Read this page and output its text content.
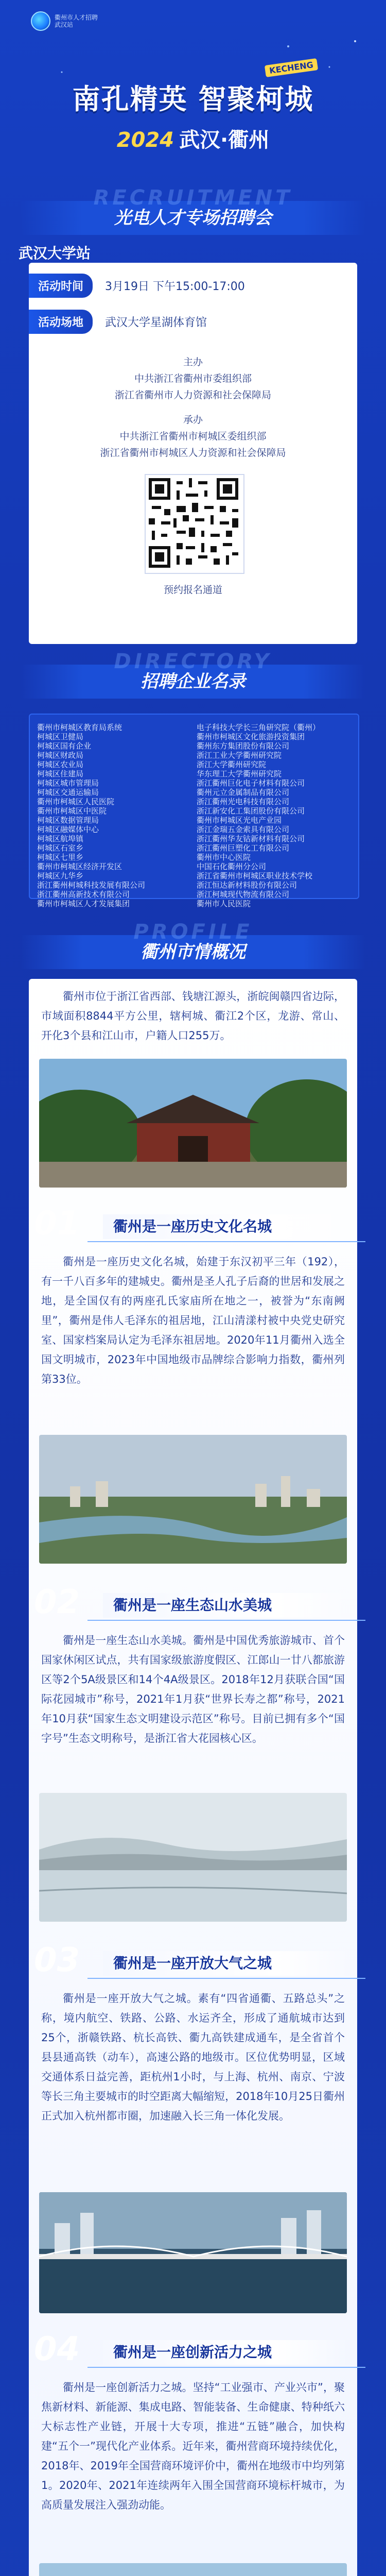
衢州市人才招聘
武汉站
KECHENG
南孔精英 智聚柯城
2024 武汉·衢州
RECRUITMENT
光电人才专场招聘会
武汉大学站
活动时间	3月19日 下午15:00-17:00
活动场地	武汉大学星湖体育馆
主办
中共浙江省衢州市委组织部
浙江省衢州市人力资源和社会保障局
承办
中共浙江省衢州市柯城区委组织部
浙江省衢州市柯城区人力资源和社会保障局
预约报名通道
DIRECTORY
招聘企业名录
衢州市柯城区教育局系统
柯城区卫健局
柯城区国有企业
柯城区财政局
柯城区农业局
柯城区住建局
柯城区城市管理局
柯城区交通运输局
衢州市柯城区人民医院
衢州市柯城区中医院
柯城区数据管理局
柯城区融媒体中心
柯城区航埠镇
柯城区石室乡
柯城区七里乡
衢州市柯城区经济开发区
柯城区九华乡
浙江衢州柯城科技发展有限公司
浙江衢州高新技术有限公司
衢州市柯城区人才发展集团
电子科技大学长三角研究院（衢州）
衢州市柯城区文化旅游投资集团
衢州东方集团股份有限公司
浙江工业大学衢州研究院
浙江大学衢州研究院
华东理工大学衢州研究院
浙江衢州巨化电子材料有限公司
衢州元立金属制品有限公司
浙江衢州光电科技有限公司
浙江新安化工集团股份有限公司
衢州市柯城区光电产业园
浙江金瑞五金索具有限公司
浙江衢州华友钴新材料有限公司
浙江衢州巨塑化工有限公司
衢州市中心医院
中国石化衢州分公司
浙江省衢州市柯城区职业技术学校
浙江恒达新材料股份有限公司
浙江柯城现代物流有限公司
衢州市人民医院
PROFILE
衢州市情概况
衢州市位于浙江省西部、钱塘江源头，浙皖闽赣四省边际，市域面积8844平方公里，辖柯城、衢江2个区，龙游、常山、开化3个县和江山市，户籍人口255万。
01	衢州是一座历史文化名城
衢州是一座历史文化名城，始建于东汉初平三年（192），有一千八百多年的建城史。衢州是圣人孔子后裔的世居和发展之地，是全国仅有的两座孔氏家庙所在地之一，被誉为“东南阙里”，衢州是伟人毛泽东的祖居地，江山清漾村被中央党史研究室、国家档案局认定为毛泽东祖居地。2020年11月衢州入选全国文明城市，2023年中国地级市品牌综合影响力指数，衢州列第33位。
02	衢州是一座生态山水美城
衢州是一座生态山水美城。衢州是中国优秀旅游城市、首个国家休闲区试点，共有国家级旅游度假区、江郎山一廿八都旅游区等2个5A级景区和14个4A级景区。2018年12月获联合国“国际花园城市”称号，2021年1月获“世界长寿之都”称号，2021年10月获“国家生态文明建设示范区”称号。目前已拥有多个“国字号”生态文明称号，是浙江省大花园核心区。
03	衢州是一座开放大气之城
衢州是一座开放大气之城。素有“四省通衢、五路总头”之称，境内航空、铁路、公路、水运齐全，形成了通航城市达到25个，浙赣铁路、杭长高铁、衢九高铁建成通车，是全省首个县县通高铁（动车），高速公路的地级市。区位优势明显，区域交通体系日益完善，距杭州1小时，与上海、杭州、南京、宁波等长三角主要城市的时空距离大幅缩短，2018年10月25日衢州正式加入杭州都市圈，加速融入长三角一体化发展。
04	衢州是一座创新活力之城
衢州是一座创新活力之城。坚持“工业强市、产业兴市”，聚焦新材料、新能源、集成电路、智能装备、生命健康、特种纸六大标志性产业链，开展十大专项，推进“五链”融合，加快构建“五个一”现代化产业体系。近年来，衢州营商环境持续优化，2018年、2019年全国营商环境评价中，衢州在地级市中均列第1。2020年、2021年连续两年入围全国营商环境标杆城市，为高质量发展注入强劲动能。
